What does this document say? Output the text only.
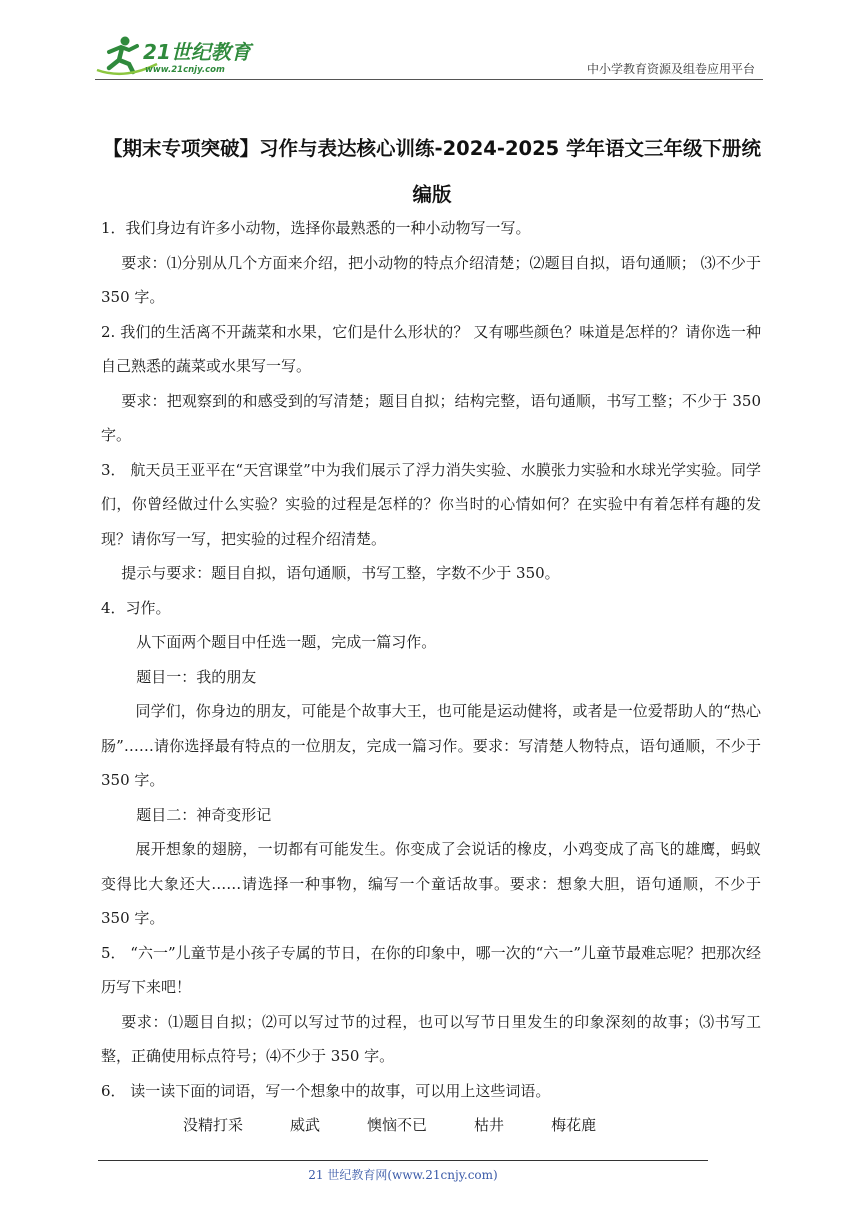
21世纪教育
www.21cnjy.com	中小学教育资源及组卷应用平台
【期末专项突破】习作与表达核心训练-2024-2025 学年语文三年级下册统
编版

1．我们身边有许多小动物，选择你最熟悉的一种小动物写一写。

要求：⑴分别从几个方面来介绍，把小动物的特点介绍清楚；⑵题目自拟，语句通顺； ⑶不少于 350 字。

2. 我们的生活离不开蔬菜和水果，它们是什么形状的？ 又有哪些颜色？味道是怎样的？请你选一种自己熟悉的蔬菜或水果写一写。

要求：把观察到的和感受到的写清楚；题目自拟；结构完整，语句通顺，书写工整；不少于 350 字。

3． 航天员王亚平在“天宫课堂”中为我们展示了浮力消失实验、水膜张力实验和水球光学实验。同学们，你曾经做过什么实验？实验的过程是怎样的？你当时的心情如何？在实验中有着怎样有趣的发现？请你写一写，把实验的过程介绍清楚。

提示与要求：题目自拟，语句通顺，书写工整，字数不少于 350。

4．习作。

从下面两个题目中任选一题，完成一篇习作。

题目一：我的朋友

同学们，你身边的朋友，可能是个故事大王，也可能是运动健将，或者是一位爱帮助人的“热心肠”……请你选择最有特点的一位朋友，完成一篇习作。要求：写清楚人物特点，语句通顺，不少于 350 字。

题目二：神奇变形记

展开想象的翅膀，一切都有可能发生。你变成了会说话的橡皮，小鸡变成了高飞的雄鹰，蚂蚁变得比大象还大……请选择一种事物，编写一个童话故事。要求：想象大胆，语句通顺，不少于 350 字。

5． “六一”儿童节是小孩子专属的节日，在你的印象中，哪一次的“六一”儿童节最难忘呢？把那次经历写下来吧！

要求：⑴题目自拟；⑵可以写过节的过程，也可以写节日里发生的印象深刻的故事；⑶书写工整，正确使用标点符号；⑷不少于 350 字。

6． 读一读下面的词语，写一个想象中的故事，可以用上这些词语。

没精打采	威武	懊恼不已	枯井	梅花鹿

21 世纪教育网(www.21cnjy.com)
